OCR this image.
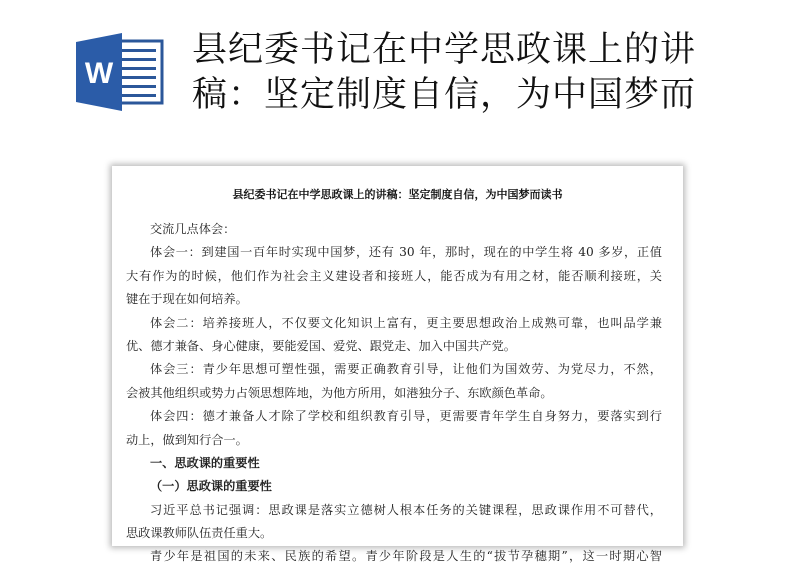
W
县纪委书记在中学思政课上的讲
稿：坚定制度自信，为中国梦而
县纪委书记在中学思政课上的讲稿：坚定制度自信，为中国梦而读书
交流几点体会：
体会一：到建国一百年时实现中国梦，还有 30 年，那时，现在的中学生将 40 多岁，正值
大有作为的时候，他们作为社会主义建设者和接班人，能否成为有用之材，能否顺利接班，关
键在于现在如何培养。
体会二：培养接班人，不仅要文化知识上富有，更主要思想政治上成熟可靠，也叫品学兼
优、德才兼备、身心健康，要能爱国、爱党、跟党走、加入中国共产党。
体会三：青少年思想可塑性强，需要正确教育引导，让他们为国效劳、为党尽力，不然，
会被其他组织或势力占领思想阵地，为他方所用，如港独分子、东欧颜色革命。
体会四：德才兼备人才除了学校和组织教育引导，更需要青年学生自身努力，要落实到行
动上，做到知行合一。
一、思政课的重要性
（一）思政课的重要性
习近平总书记强调：思政课是落实立德树人根本任务的关键课程，思政课作用不可替代，
思政课教师队伍责任重大。
青少年是祖国的未来、民族的希望。青少年阶段是人生的“拔节孕穗期”，这一时期心智
